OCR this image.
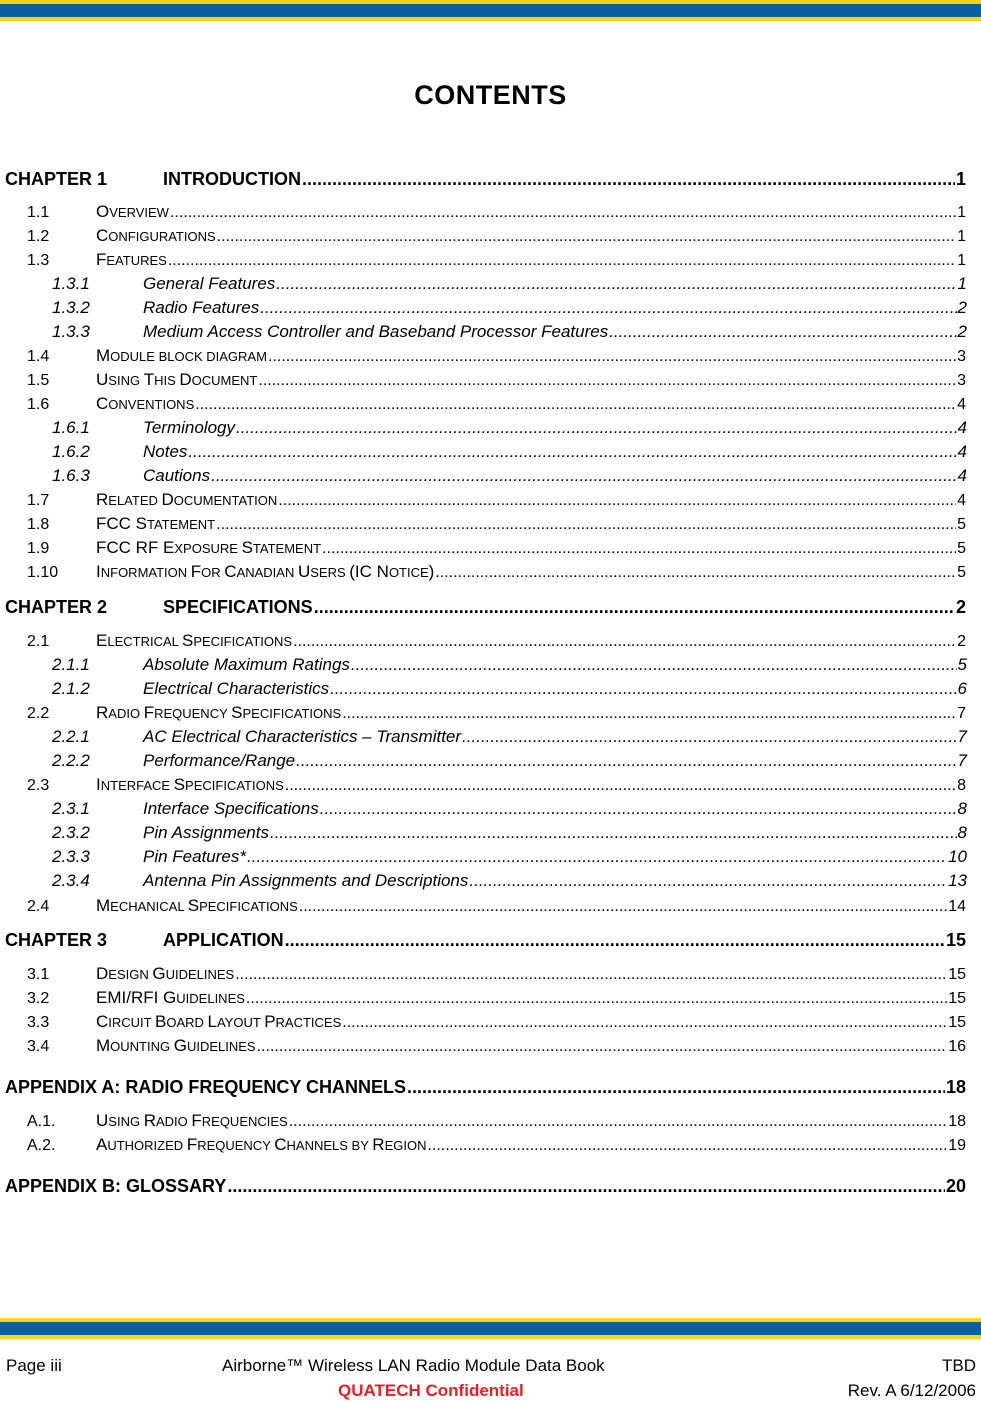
CONTENTS
CHAPTER 1	INTRODUCTION .....	1
1.1	OVERVIEW .....	1
1.2	CONFIGURATIONS .....	1
1.3	FEATURES .....	1
1.3.1	General Features .....	1
1.3.2	Radio Features .....	2
1.3.3	Medium Access Controller and Baseband Processor Features .....	2
1.4	MODULE BLOCK DIAGRAM .....	3
1.5	USING THIS DOCUMENT .....	3
1.6	CONVENTIONS .....	4
1.6.1	Terminology .....	4
1.6.2	Notes .....	4
1.6.3	Cautions .....	4
1.7	RELATED DOCUMENTATION .....	4
1.8	FCC STATEMENT .....	5
1.9	FCC RF EXPOSURE STATEMENT .....	5
1.10	INFORMATION FOR CANADIAN USERS (IC NOTICE) .....	5
CHAPTER 2	SPECIFICATIONS .....	2
2.1	ELECTRICAL SPECIFICATIONS .....	2
2.1.1	Absolute Maximum Ratings .....	5
2.1.2	Electrical Characteristics .....	6
2.2	RADIO FREQUENCY SPECIFICATIONS .....	7
2.2.1	AC Electrical Characteristics – Transmitter .....	7
2.2.2	Performance/Range .....	7
2.3	INTERFACE SPECIFICATIONS .....	8
2.3.1	Interface Specifications .....	8
2.3.2	Pin Assignments .....	8
2.3.3	Pin Features* .....	10
2.3.4	Antenna Pin Assignments and Descriptions .....	13
2.4	MECHANICAL SPECIFICATIONS .....	14
CHAPTER 3	APPLICATION .....	15
3.1	DESIGN GUIDELINES .....	15
3.2	EMI/RFI GUIDELINES .....	15
3.3	CIRCUIT BOARD LAYOUT PRACTICES .....	15
3.4	MOUNTING GUIDELINES .....	16
APPENDIX A: RADIO FREQUENCY CHANNELS .....	18
A.1.	USING RADIO FREQUENCIES .....	18
A.2.	AUTHORIZED FREQUENCY CHANNELS BY REGION .....	19
APPENDIX B: GLOSSARY .....	20
Page iii	Airborne™ Wireless LAN Radio Module Data Book	TBD
QUATECH Confidential	Rev. A 6/12/2006
